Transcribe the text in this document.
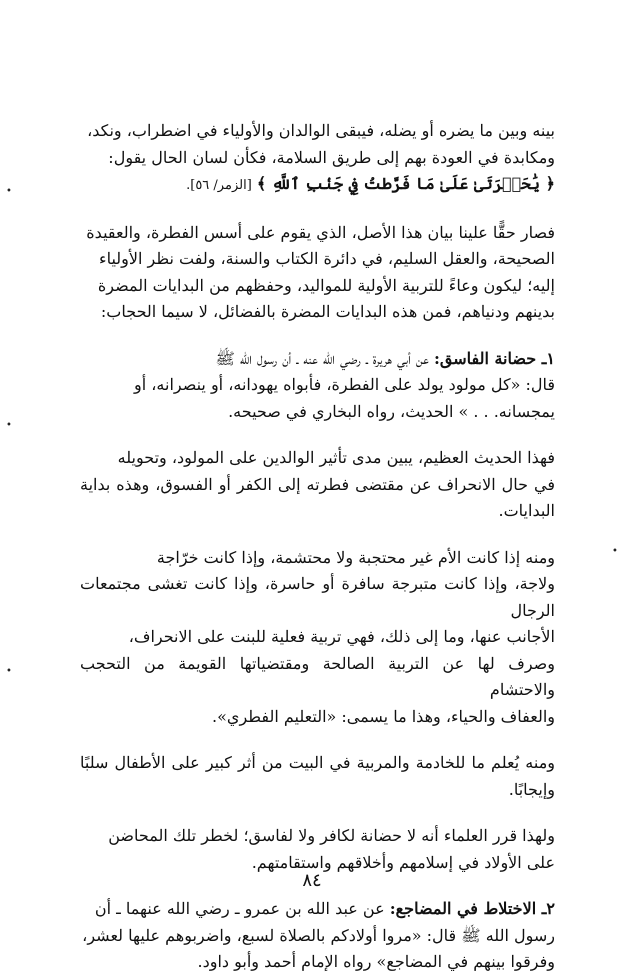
بينه وبين ما يضره أو يضله، فيبقى الوالدان والأولياء في اضطراب، ونكد،
ومكابدة في العودة بهم إلى طريق السلامة، فكأن لسان الحال يقول:
﴿ يَٰحَسۡرَتَىٰ عَلَىٰ مَا فَرَّطتُ فِي جَنۢبِ ٱللَّهِ ﴾ [الزمر/ ٥٦].

فصار حقًّا علينا بيان هذا الأصل، الذي يقوم على أسس الفطرة، والعقيدة
الصحيحة، والعقل السليم، في دائرة الكتاب والسنة، ولفت نظر الأولياء
إليه؛ ليكون وعاءً للتربية الأولية للمواليد، وحفظهم من البدايات المضرة
بدينهم ودنياهم، فمن هذه البدايات المضرة بالفضائل، لا سيما الحجاب:

١ـ حضانة الفاسق: عن أبي هريرة ـ رضي الله عنه ـ أن رسول الله ﷺ
قال: «كل مولود يولد على الفطرة، فأبواه يهودانه، أو ينصرانه، أو
يمجسانه. . . » الحديث، رواه البخاري في صحيحه.

فهذا الحديث العظيم، يبين مدى تأثير الوالدين على المولود، وتحويله
في حال الانحراف عن مقتضى فطرته إلى الكفر أو الفسوق، وهذه بداية البدايات.

ومنه إذا كانت الأم غير محتجبة ولا محتشمة، وإذا كانت خرّاجة
ولاجة، وإذا كانت متبرجة سافرة أو حاسرة، وإذا كانت تغشى مجتمعات الرجال
الأجانب عنها، وما إلى ذلك، فهي تربية فعلية للبنت على الانحراف،
وصرف لها عن التربية الصالحة ومقتضياتها القويمة من التحجب والاحتشام
والعفاف والحياء، وهذا ما يسمى: «التعليم الفطري».

ومنه يُعلم ما للخادمة والمربية في البيت من أثر كبير على الأطفال سلبًا وإيجابًا.

ولهذا قرر العلماء أنه لا حضانة لكافر ولا لفاسق؛ لخطر تلك المحاضن
على الأولاد في إسلامهم وأخلاقهم واستقامتهم.

٢ـ الاختلاط في المضاجع: عن عبد الله بن عمرو ـ رضي الله عنهما ـ أن
رسول الله ﷺ قال: «مروا أولادكم بالصلاة لسبع، واضربوهم عليها لعشر،
وفرقوا بينهم في المضاجع» رواه الإمام أحمد وأبو داود.

٨٤
•
•
•
•
